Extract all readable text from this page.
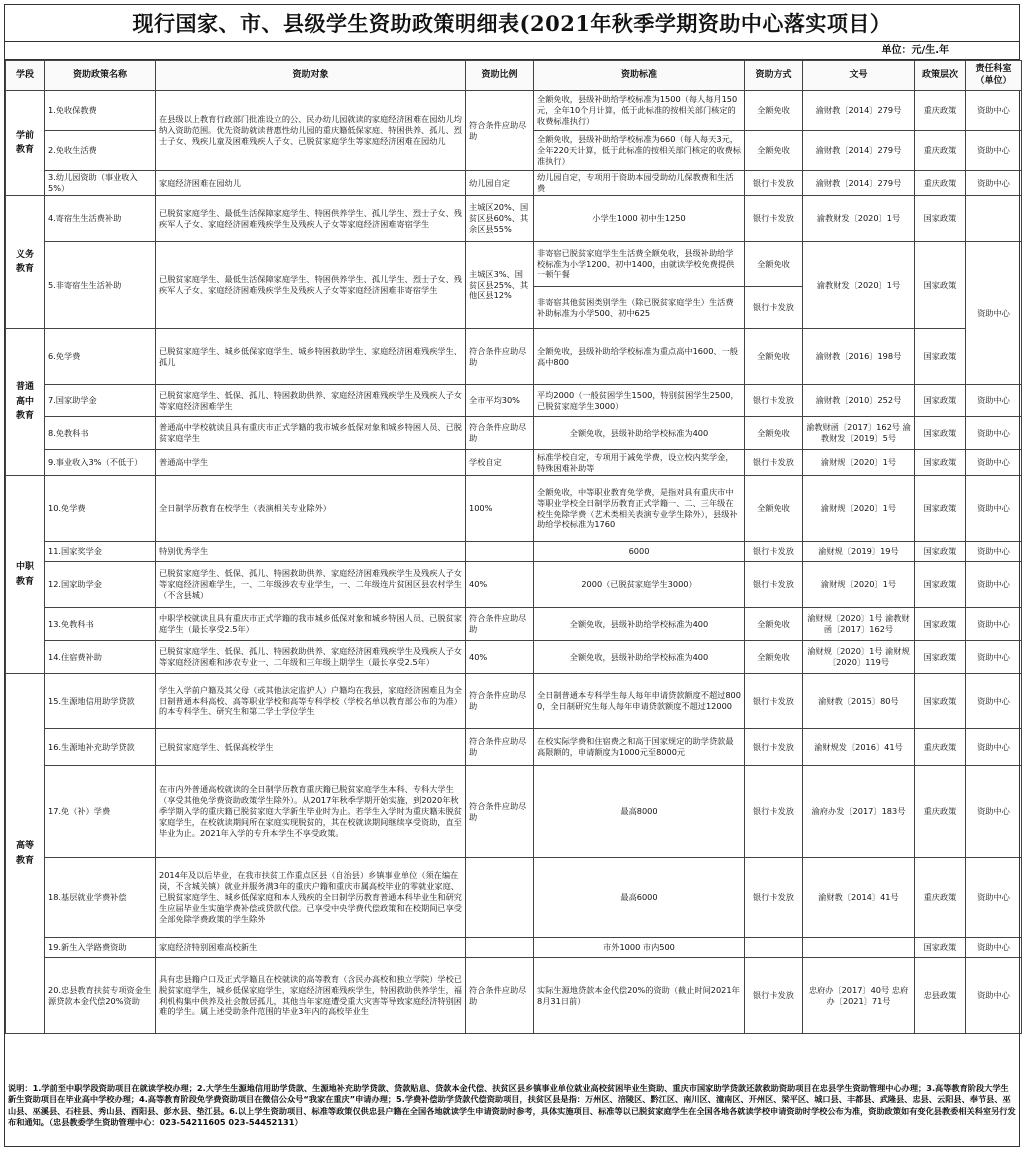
现行国家、市、县级学生资助政策明细表(2021年秋季学期资助中心落实项目）
单位：元/生.年
学段	资助政策名称	资助对象	资助比例	资助标准	资助方式	文号	政策层次	责任科室（单位）
学前教育	1.免收保教费	在县级以上教育行政部门批准设立的公、民办幼儿园就读的家庭经济困难在园幼儿均纳入资助范围。优先资助就读普惠性幼儿园的重庆籍低保家庭、特困供养、孤儿、烈士子女、残疾儿童及困难残疾人子女、已脱贫家庭学生等家庭经济困难在园幼儿	符合条件应助尽助	全额免收，县级补助给学校标准为1500（每人每月150元，全年10个月计算，低于此标准的按相关部门核定的收费标准执行）	全额免收	渝财教〔2014〕279号	重庆政策	资助中心
	2.免收生活费			全额免收，县级补助给学校标准为660（每人每天3元，全年220天计算，低于此标准的按相关部门核定的收费标准执行）	全额免收	渝财教〔2014〕279号	重庆政策	资助中心
	3.幼儿园资助（事业收入5%）	家庭经济困难在园幼儿	幼儿园自定	幼儿园自定，专项用于资助本园受助幼儿保教费和生活费	银行卡发放	渝财教〔2014〕279号	重庆政策	资助中心
义务教育	4.寄宿生生活费补助	已脱贫家庭学生、最低生活保障家庭学生、特困供养学生、孤儿学生、烈士子女、残疾军人子女、家庭经济困难残疾学生及残疾人子女等家庭经济困难寄宿学生	主城区20%、国贫区县60%、其余区县55%	小学生1000 初中生1250	银行卡发放	渝教财发〔2020〕1号	国家政策	
	5.非寄宿生生活补助	已脱贫家庭学生、最低生活保障家庭学生、特困供养学生、孤儿学生、烈士子女、残疾军人子女、家庭经济困难残疾学生及残疾人子女等家庭经济困难非寄宿学生	主城区3%、国贫区县25%、其他区县12%	非寄宿已脱贫家庭学生生活费全额免收，县级补助给学校标准为小学1200、初中1400，由就读学校免费提供一顿午餐	全额免收	渝教财发〔2020〕1号	国家政策	资助中心
				非寄宿其他贫困类别学生（除已脱贫家庭学生）生活费补助标准为小学500、初中625	银行卡发放			
普通高中教育	6.免学费	已脱贫家庭学生、城乡低保家庭学生、城乡特困救助学生、家庭经济困难残疾学生、孤儿	符合条件应助尽助	全额免收，县级补助给学校标准为重点高中1600、一般高中800	全额免收	渝财教〔2016〕198号	国家政策	
	7.国家助学金	已脱贫家庭学生、低保、孤儿、特困救助供养、家庭经济困难残疾学生及残疾人子女等家庭经济困难学生	全市平均30%	平均2000（一般贫困学生1500，特别贫困学生2500，已脱贫家庭学生3000）	银行卡发放	渝财教〔2010〕252号	国家政策	资助中心
	8.免教科书	普通高中学校就读且具有重庆市正式学籍的我市城乡低保对象和城乡特困人员、已脱贫家庭学生	符合条件应助尽助	全额免收，县级补助给学校标准为400	全额免收	渝教财函〔2017〕162号 渝教财发〔2019〕5号	国家政策	资助中心
	9.事业收入3%（不低于）	普通高中学生	学校自定	标准学校自定，专项用于减免学费，设立校内奖学金，特殊困难补助等	银行卡发放	渝财规〔2020〕1号	国家政策	资助中心
中职教育	10.免学费	全日制学历教育在校学生（表演相关专业除外）	100%	全额免收，中等职业教育免学费，是指对具有重庆市中等职业学校全日制学历教育正式学籍一、二、三年级在校生免除学费（艺术类相关表演专业学生除外），县级补助给学校标准为1760	全额免收	渝财规〔2020〕1号	国家政策	资助中心
	11.国家奖学金	特别优秀学生		6000	银行卡发放	渝财规〔2019〕19号	国家政策	资助中心
	12.国家助学金	已脱贫家庭学生、低保、孤儿、特困救助供养、家庭经济困难残疾学生及残疾人子女等家庭经济困难学生，一、二年级涉农专业学生，一、二年级连片贫困区县农村学生（不含县城）	40%	2000（已脱贫家庭学生3000）	银行卡发放	渝财规〔2020〕1号	国家政策	资助中心
	13.免教科书	中职学校就读且具有重庆市正式学籍的我市城乡低保对象和城乡特困人员、已脱贫家庭学生（最长享受2.5年）	符合条件应助尽助	全额免收，县级补助给学校标准为400	全额免收	渝财规〔2020〕1号 渝教财函〔2017〕162号	国家政策	资助中心
	14.住宿费补助	已脱贫家庭学生、低保、孤儿、特困救助供养、家庭经济困难残疾学生及残疾人子女等家庭经济困难和涉农专业一、二年级和三年级上期学生（最长享受2.5年）	40%	全额免收，县级补助给学校标准为400	全额免收	渝财规〔2020〕1号 渝财规〔2020〕119号	国家政策	资助中心
高等教育	15.生源地信用助学贷款	学生入学前户籍及其父母（或其他法定监护人）户籍均在我县，家庭经济困难且为全日制普通本科高校、高等职业学校和高等专科学校（学校名单以教育部公布的为准）的本专科学生、研究生和第二学士学位学生	符合条件应助尽助	全日制普通本专科学生每人每年申请贷款额度不超过8000，全日制研究生每人每年申请贷款额度不超过12000	银行卡发放	渝财教〔2015〕80号	国家政策	资助中心
	16.生源地补充助学贷款	已脱贫家庭学生、低保高校学生	符合条件应助尽助	在校实际学费和住宿费之和高于国家规定的助学贷款最高限额的，申请额度为1000元至8000元	银行卡发放	渝财规发〔2016〕41号	重庆政策	资助中心
	17.免（补）学费	在市内外普通高校就读的全日制学历教育重庆籍已脱贫家庭学生本科、专科大学生（享受其他免学费资助政策学生除外）。从2017年秋季学期开始实施，到2020年秋季学期入学的重庆籍已脱贫家庭大学新生毕业时为止。若学生入学时为重庆籍未脱贫家庭学生，在校就读期间所在家庭实现脱贫的，其在校就读期间继续享受资助，直至毕业为止。2021年入学的专升本学生不享受政策。	符合条件应助尽助	最高8000	银行卡发放	渝府办发〔2017〕183号	重庆政策	资助中心
	18.基层就业学费补偿	2014年及以后毕业，在我市扶贫工作重点区县（自治县）乡镇事业单位（须在编在岗，不含城关镇）就业并服务满3年的重庆户籍和重庆市属高校毕业的零就业家庭、已脱贫家庭学生、城乡低保家庭和本人残疾的全日制学历教育普通本科毕业生和研究生应届毕业生实施学费补偿或贷款代偿。已享受中央学费代偿政策和在校期间已享受全部免除学费政策的学生除外		最高6000	银行卡发放	渝财教〔2014〕41号	重庆政策	资助中心
	19.新生入学路费资助	家庭经济特别困难高校新生		市外1000 市内500			国家政策	资助中心
	20.忠县教育扶贫专项资金生源贷款本金代偿20%资助	具有忠县籍户口及正式学籍且在校就读的高等教育（含民办高校和独立学院）学校已脱贫家庭学生，城乡低保家庭学生，家庭经济困难残疾学生，特困救助供养学生，福利机构集中供养及社会散居孤儿，其他当年家庭遭受重大灾害等导致家庭经济特别困难的学生。属上述受助条件范围的毕业3年内的高校毕业生	符合条件应助尽助	实际生源地贷款本金代偿20%的资助（截止时间2021年8月31日前）	银行卡发放	忠府办〔2017〕40号 忠府办〔2021〕71号	忠县政策	资助中心
说明：1.学前至中职学段资助项目在就读学校办理；2.大学生生源地信用助学贷款、生源地补充助学贷款、贷款贴息、贷款本金代偿、扶贫区县乡镇事业单位就业高校贫困毕业生资助、重庆市国家助学贷款还款救助资助项目在忠县学生资助管理中心办理；3.高等教育阶段大学生新生资助项目在毕业高中学校办理；4.高等教育阶段免学费资助项目在微信公众号“我家在重庆”申请办理；5.学费补偿助学贷款代偿资助项目，扶贫区县是指：万州区、涪陵区、黔江区、南川区、潼南区、开州区、梁平区、城口县、丰都县、武隆县、忠县、云阳县、奉节县、巫山县、巫溪县、石柱县、秀山县、酉阳县、彭水县、垫江县。6.以上学生资助项目、标准等政策仅供忠县户籍在全国各地就读学生申请资助时参考，具体实施项目、标准等以已脱贫家庭学生在全国各地各就读学校申请资助时学校公布为准，资助政策如有变化县教委相关科室另行发布和通知。（忠县教委学生资助管理中心：023-54211605 023-54452131）
